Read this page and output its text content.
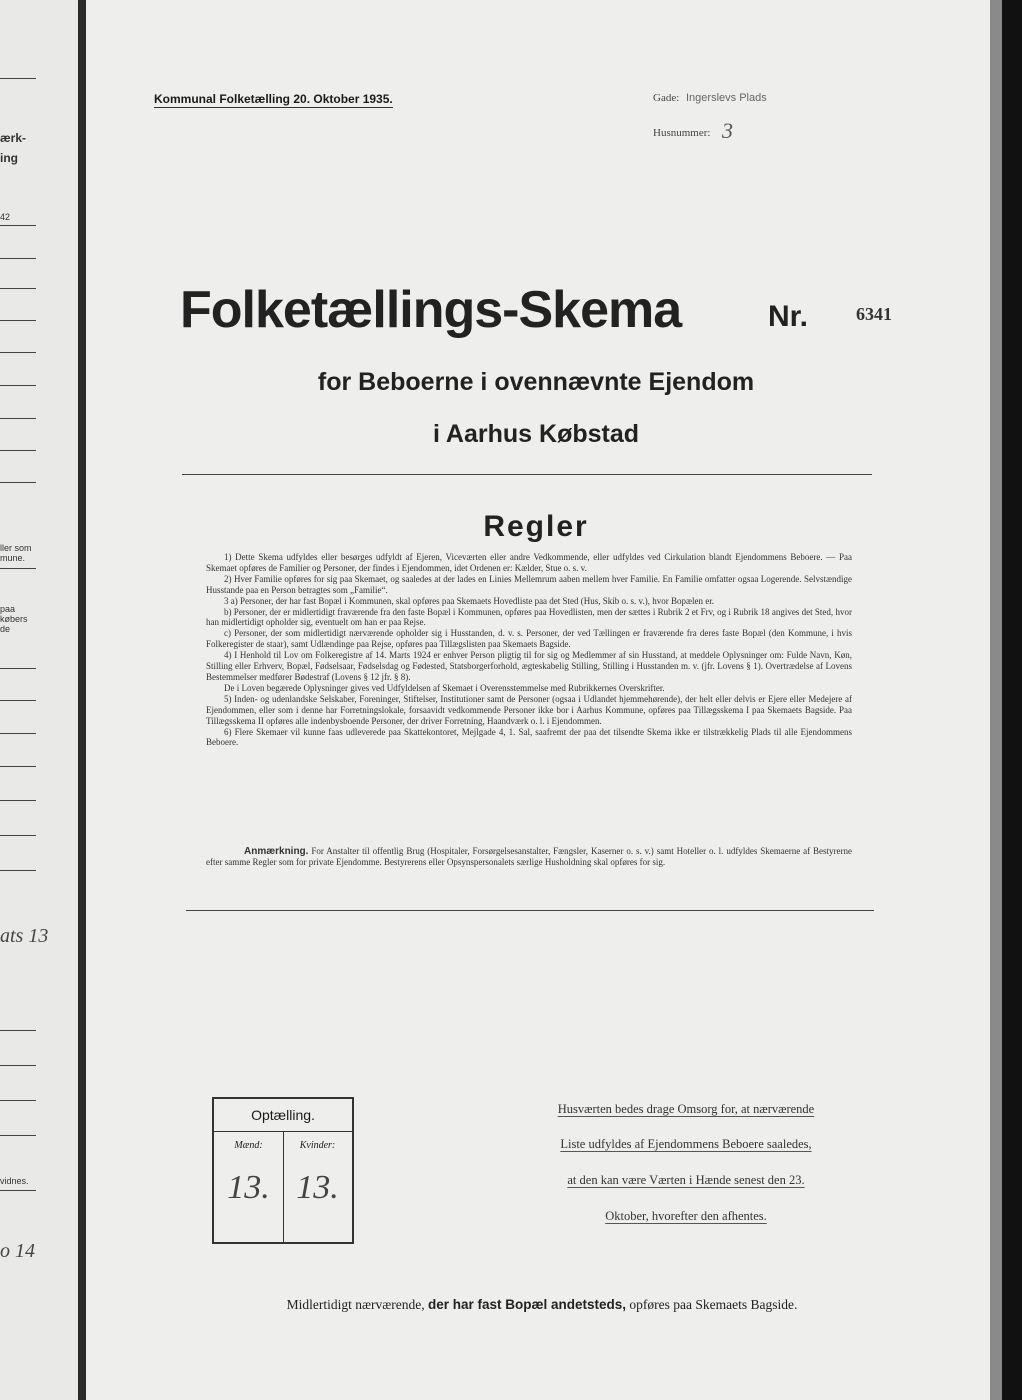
ærk-
ing
42
ller som
mune.
paa
købers
de
ats 13
vidnes.
o 14
Kommunal Folketælling 20. Oktober 1935.	Gade: Ingerslevs Plads
Husnummer: 3
Folketællings-Skema	Nr.	6341
for Beboerne i ovennævnte Ejendom
i Aarhus Købstad
Regler

1) Dette Skema udfyldes eller besørges udfyldt af Ejeren, Viceværten eller andre Vedkommende, eller udfyldes ved Cirkulation blandt Ejendommens Beboere. — Paa Skemaet opføres de Familier og Personer, der findes i Ejendommen, idet Ordenen er: Kælder, Stue o. s. v.

2) Hver Familie opføres for sig paa Skemaet, og saaledes at der lades en Linies Mellemrum aaben mellem hver Familie. En Familie omfatter ogsaa Logerende. Selvstændige Husstande paa en Person betragtes som „Familie“.

3 a) Personer, der har fast Bopæl i Kommunen, skal opføres paa Skemaets Hovedliste paa det Sted (Hus, Skib o. s. v.), hvor Bopælen er.

b) Personer, der er midlertidigt fraværende fra den faste Bopæl i Kommunen, opføres paa Hovedlisten, men der sættes i Rubrik 2 et Frv, og i Rubrik 18 angives det Sted, hvor han midlertidigt opholder sig, eventuelt om han er paa Rejse.

c) Personer, der som midlertidigt nærværende opholder sig i Husstanden, d. v. s. Personer, der ved Tællingen er fraværende fra deres faste Bopæl (den Kommune, i hvis Folkeregister de staar), samt Udlændinge paa Rejse, opføres paa Tillægslisten paa Skemaets Bagside.

4) I Henhold til Lov om Folkeregistre af 14. Marts 1924 er enhver Person pligtig til for sig og Medlemmer af sin Husstand, at meddele Oplysninger om: Fulde Navn, Køn, Stilling eller Erhverv, Bopæl, Fødselsaar, Fødselsdag og Fødested, Statsborgerforhold, ægteskabelig Stilling, Stilling i Husstanden m. v. (jfr. Lovens § 1). Overtrædelse af Lovens Bestemmelser medfører Bødestraf (Lovens § 12 jfr. § 8).

De i Loven begærede Oplysninger gives ved Udfyldelsen af Skemaet i Overensstemmelse med Rubrikkernes Overskrifter.

5) Inden- og udenlandske Selskaber, Foreninger, Stiftelser, Institutioner samt de Personer (ogsaa i Udlandet hjemmehørende), der helt eller delvis er Ejere eller Medejere af Ejendommen, eller som i denne har Forretningslokale, forsaavidt vedkommende Personer ikke bor i Aarhus Kommune, opføres paa Tillægsskema I paa Skemaets Bagside. Paa Tillægsskema II opføres alle indenbysboende Personer, der driver Forretning, Haandværk o. l. i Ejendommen.

6) Flere Skemaer vil kunne faas udleverede paa Skattekontoret, Mejlgade 4, 1. Sal, saafremt der paa det tilsendte Skema ikke er tilstrækkelig Plads til alle Ejendommens Beboere.

Anmærkning. For Anstalter til offentlig Brug (Hospitaler, Forsørgelsesanstalter, Fængsler, Kaserner o. s. v.) samt Hoteller o. l. udfyldes Skemaerne af Bestyrerne efter samme Regler som for private Ejendomme. Bestyrerens eller Opsynspersonalets særlige Husholdning skal opføres for sig.
Optælling.
Mænd:	Kvinder:
13. 13.
Husværten bedes drage Omsorg for, at nærværende
Liste udfyldes af Ejendommens Beboere saaledes,
at den kan være Værten i Hænde senest den 23.
Oktober, hvorefter den afhentes.
Midlertidigt nærværende, der har fast Bopæl andetsteds, opføres paa Skemaets Bagside.
